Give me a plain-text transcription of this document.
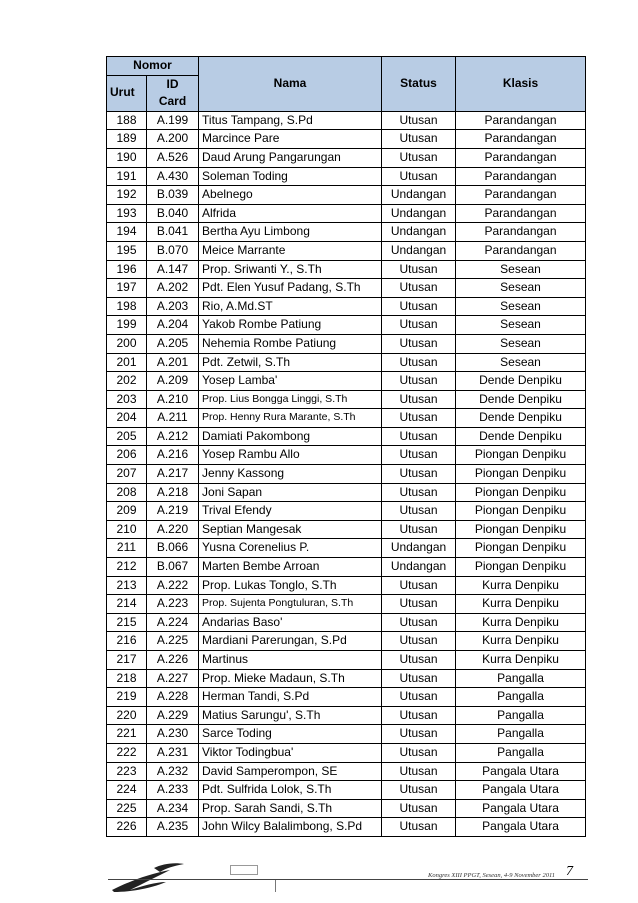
Nomor		Nama	Status	Klasis
Urut	ID Card			

188	A.199	Titus Tampang, S.Pd	Utusan	Parandangan
189	A.200	Marcince Pare	Utusan	Parandangan
190	A.526	Daud Arung Pangarungan	Utusan	Parandangan
191	A.430	Soleman Toding	Utusan	Parandangan
192	B.039	Abelnego	Undangan	Parandangan
193	B.040	Alfrida	Undangan	Parandangan
194	B.041	Bertha Ayu Limbong	Undangan	Parandangan
195	B.070	Meice Marrante	Undangan	Parandangan
196	A.147	Prop. Sriwanti Y., S.Th	Utusan	Sesean
197	A.202	Pdt. Elen Yusuf Padang, S.Th	Utusan	Sesean
198	A.203	Rio, A.Md.ST	Utusan	Sesean
199	A.204	Yakob Rombe Patiung	Utusan	Sesean
200	A.205	Nehemia Rombe Patiung	Utusan	Sesean
201	A.201	Pdt. Zetwil, S.Th	Utusan	Sesean
202	A.209	Yosep Lamba'	Utusan	Dende Denpiku
203	A.210	Prop. Lius Bongga Linggi, S.Th	Utusan	Dende Denpiku
204	A.211	Prop. Henny Rura Marante, S.Th	Utusan	Dende Denpiku
205	A.212	Damiati Pakombong	Utusan	Dende Denpiku
206	A.216	Yosep Rambu Allo	Utusan	Piongan Denpiku
207	A.217	Jenny Kassong	Utusan	Piongan Denpiku
208	A.218	Joni Sapan	Utusan	Piongan Denpiku
209	A.219	Trival Efendy	Utusan	Piongan Denpiku
210	A.220	Septian Mangesak	Utusan	Piongan Denpiku
211	B.066	Yusna Corenelius P.	Undangan	Piongan Denpiku
212	B.067	Marten Bembe Arroan	Undangan	Piongan Denpiku
213	A.222	Prop. Lukas Tonglo, S.Th	Utusan	Kurra Denpiku
214	A.223	Prop. Sujenta Pongtuluran, S.Th	Utusan	Kurra Denpiku
215	A.224	Andarias Baso'	Utusan	Kurra Denpiku
216	A.225	Mardiani Parerungan, S.Pd	Utusan	Kurra Denpiku
217	A.226	Martinus	Utusan	Kurra Denpiku
218	A.227	Prop. Mieke Madaun, S.Th	Utusan	Pangalla
219	A.228	Herman Tandi, S.Pd	Utusan	Pangalla
220	A.229	Matius Sarungu', S.Th	Utusan	Pangalla
221	A.230	Sarce Toding	Utusan	Pangalla
222	A.231	Viktor Todingbua'	Utusan	Pangalla
223	A.232	David Samperompon, SE	Utusan	Pangala Utara
224	A.233	Pdt. Sulfrida Lolok, S.Th	Utusan	Pangala Utara
225	A.234	Prop. Sarah Sandi, S.Th	Utusan	Pangala Utara
226	A.235	John Wilcy Balalimbong, S.Pd	Utusan	Pangala Utara
Kongres XIII PPGT, Sesean, 4-9 November 2011 7
